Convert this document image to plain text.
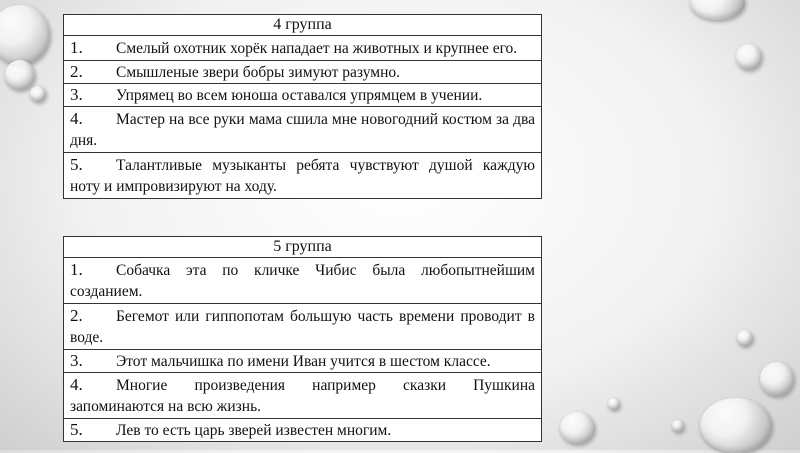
4 группа
1. Смелый охотник хорёк нападает на животных и крупнее его.
2. Смышленые звери бобры зимуют разумно.
3. Упрямец во всем юноша оставался упрямцем в учении.
4. Мастер на все руки мама сшила мне новогодний костюм за два дня.
5. Талантливые музыканты ребята чувствуют душой каждую ноту и импровизируют на ходу.
5 группа
1. Собачка эта по кличке Чибис была любопытнейшим созданием.
2. Бегемот или гиппопотам большую часть времени проводит в воде.
3. Этот мальчишка по имени Иван учится в шестом классе.
4. Многие произведения например сказки Пушкина запоминаются на всю жизнь.
5. Лев то есть царь зверей известен многим.
